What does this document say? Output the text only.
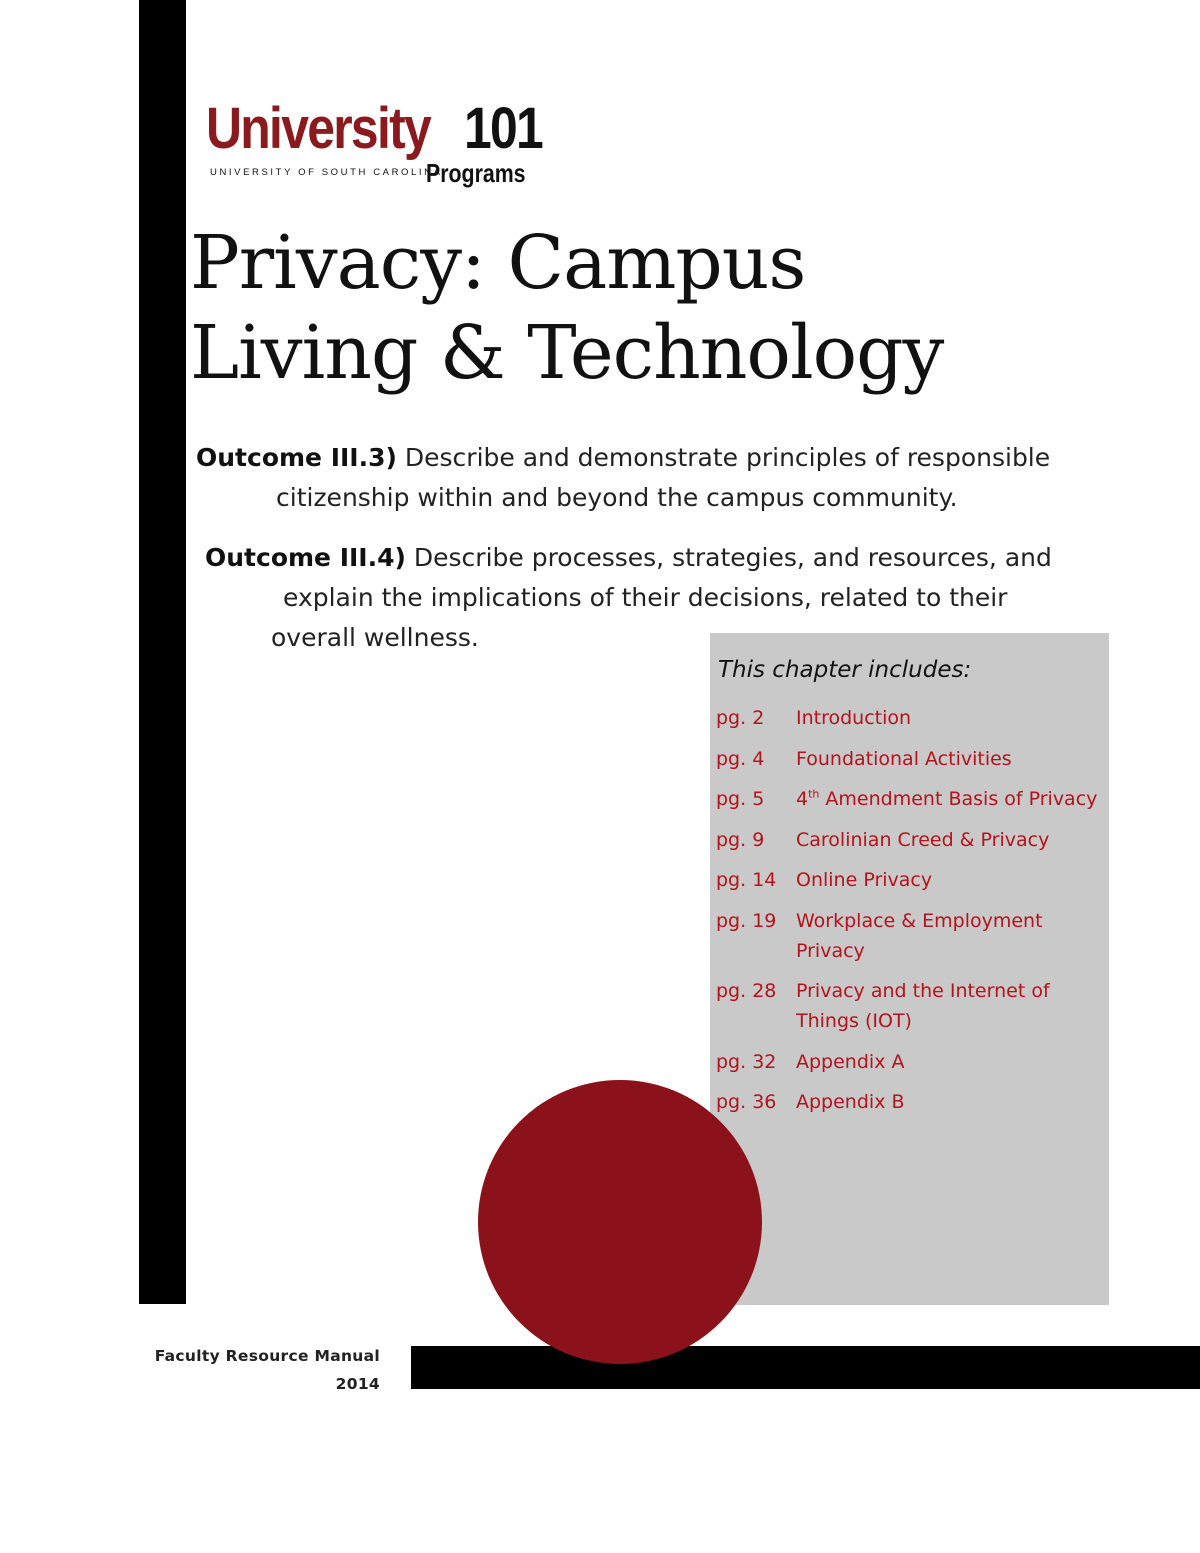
University 101
UNIVERSITY OF SOUTH CAROLINA
Programs
Privacy: Campus
Living & Technology
Outcome III.3) Describe and demonstrate principles of responsible
citizenship within and beyond the campus community.
Outcome III.4) Describe processes, strategies, and resources, and
explain the implications of their decisions, related to their
overall wellness.
This chapter includes:
pg. 2	Introduction
pg. 4	Foundational Activities
pg. 5	4th Amendment Basis of Privacy
pg. 9	Carolinian Creed & Privacy
pg. 14	Online Privacy
pg. 19	Workplace & Employment Privacy
pg. 28	Privacy and the Internet of Things (IOT)
pg. 32	Appendix A
pg. 36	Appendix B
Faculty Resource Manual
2014
